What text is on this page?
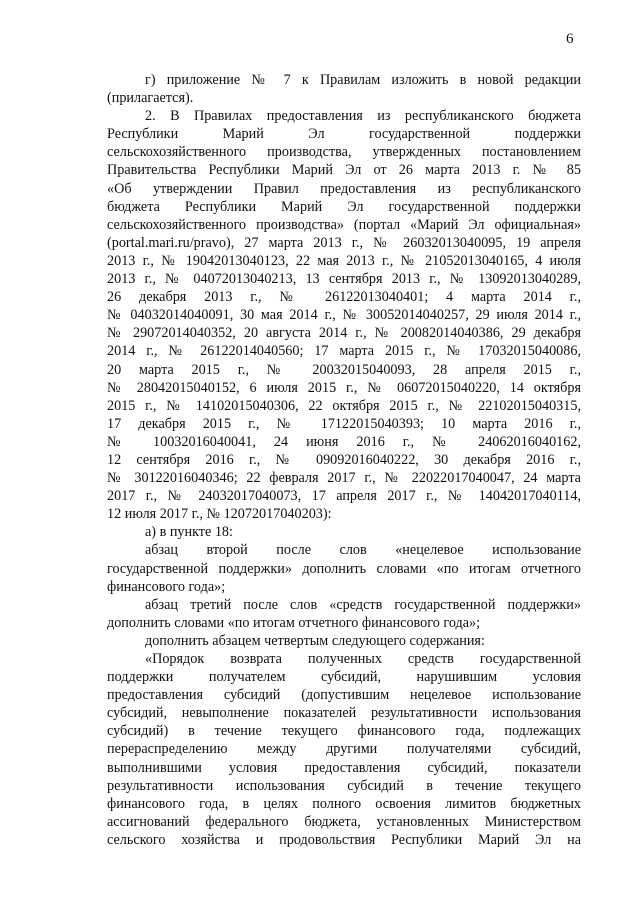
6
г) приложение № 7 к Правилам изложить в новой редакции
(прилагается).
2. В Правилах предоставления из республиканского бюджета
Республики Марий Эл государственной поддержки
сельскохозяйственного производства, утвержденных постановлением
Правительства Республики Марий Эл от 26 марта 2013 г. № 85
«Об утверждении Правил предоставления из республиканского
бюджета Республики Марий Эл государственной поддержки
сельскохозяйственного производства» (портал «Марий Эл официальная»
(portal.mari.ru/pravo), 27 марта 2013 г., № 26032013040095, 19 апреля
2013 г., № 19042013040123, 22 мая 2013 г., № 21052013040165, 4 июля
2013 г., № 04072013040213, 13 сентября 2013 г., № 13092013040289,
26 декабря 2013 г., № 26122013040401; 4 марта 2014 г.,
№ 04032014040091, 30 мая 2014 г., № 30052014040257, 29 июля 2014 г.,
№ 29072014040352, 20 августа 2014 г., № 20082014040386, 29 декабря
2014 г., № 26122014040560; 17 марта 2015 г., № 17032015040086,
20 марта 2015 г., № 20032015040093, 28 апреля 2015 г.,
№ 28042015040152, 6 июля 2015 г., № 06072015040220, 14 октября
2015 г., № 14102015040306, 22 октября 2015 г., № 22102015040315,
17 декабря 2015 г., № 17122015040393; 10 марта 2016 г.,
№ 10032016040041, 24 июня 2016 г., № 24062016040162,
12 сентября 2016 г., № 09092016040222, 30 декабря 2016 г.,
№ 30122016040346; 22 февраля 2017 г., № 22022017040047, 24 марта
2017 г., № 24032017040073, 17 апреля 2017 г., № 14042017040114,
12 июля 2017 г., № 12072017040203):
а) в пункте 18:
абзац второй после слов «нецелевое использование
государственной поддержки» дополнить словами «по итогам отчетного
финансового года»;
абзац третий после слов «средств государственной поддержки»
дополнить словами «по итогам отчетного финансового года»;
дополнить абзацем четвертым следующего содержания:
«Порядок возврата полученных средств государственной
поддержки получателем субсидий, нарушившим условия
предоставления субсидий (допустившим нецелевое использование
субсидий, невыполнение показателей результативности использования
субсидий) в течение текущего финансового года, подлежащих
перераспределению между другими получателями субсидий,
выполнившими условия предоставления субсидий, показатели
результативности использования субсидий в течение текущего
финансового года, в целях полного освоения лимитов бюджетных
ассигнований федерального бюджета, установленных Министерством
сельского хозяйства и продовольствия Республики Марий Эл на
